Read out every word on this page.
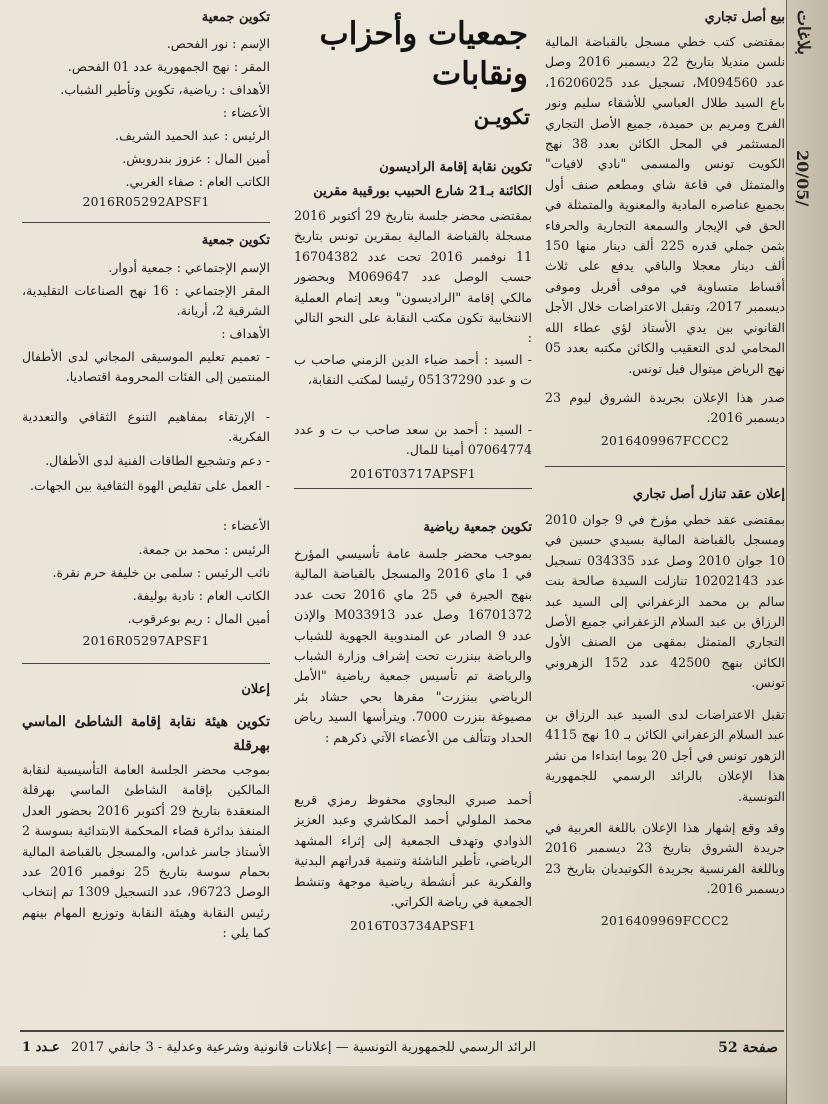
بلاغات
20/05/

بيع أصل تجاري

بمقتضى كتب خطي مسجل بالقباضة المالية نلسن منديلا بتاريخ 22 ديسمبر 2016 وصل عدد M094560، تسجيل عدد 16206025، باع السيد طلال العباسي للأشقاء سليم ونور الفرج ومريم بن حميدة، جميع الأصل التجاري المستثمر في المحل الكائن بعدد 38 نهج الكويت تونس والمسمى "نادي لافيات" والمتمثل في قاعة شاي ومطعم صنف أول بجميع عناصره المادية والمعنوية والمتمثلة في الحق في الإيجار والسمعة التجارية والحرفاء بثمن جملي قدره 225 ألف دينار منها 150 ألف دينار معجلا والباقي يدفع على ثلاث أقساط متساوية في موفى أفريل وموفى ديسمبر 2017، وتقبل الاعتراضات خلال الأجل القانوني بين يدي الأستاذ لؤي عطاء الله المحامي لدى التعقيب والكائن مكتبه بعدد 05 نهج الرياض ميتوال فيل تونس.

صدر هذا الإعلان بجريدة الشروق ليوم 23 ديسمبر 2016.

2016409967FCCC2

إعلان عقد تنازل أصل تجاري

بمقتضى عقد خطي مؤرخ في 9 جوان 2010 ومسجل بالقباضة المالية بسيدي حسين في 10 جوان 2010 وصل عدد 034335 تسجيل عدد 10202143 تنازلت السيدة صالحة بنت سالم بن محمد الزعفراني إلى السيد عبد الرزاق بن عبد السلام الزعفراني جميع الأصل التجاري المتمثل بمقهى من الصنف الأول الكائن بنهج 42500 عدد 152 الزهروني تونس.

تقبل الاعتراضات لدى السيد عبد الرزاق بن عبد السلام الزعفراني الكائن بـ 10 نهج 4115 الزهور تونس في أجل 20 يوما ابتداءا من نشر هذا الإعلان بالرائد الرسمي للجمهورية التونسية.

وقد وقع إشهار هذا الإعلان باللغة العربية في جريدة الشروق بتاريخ 23 ديسمبر 2016 وباللغة الفرنسية بجريدة الكوتيديان بتاريخ 23 ديسمبر 2016.

2016409969FCCC2

تكوين نقابة إقامة الراديسون

الكائنة بـ21 شارع الحبيب بورقيبة مقرين

بمقتضى محضر جلسة بتاريخ 29 أكتوبر 2016 مسجلة بالقباضة المالية بمقرين تونس بتاريخ 11 نوفمبر 2016 تحت عدد 16704382 حسب الوصل عدد M069647 وبحضور مالكي إقامة "الراديسون" وبعد إتمام العملية الانتخابية تكون مكتب النقابة على النحو التالي :

- السيد : أحمد ضياء الدين الزمني صاحب ب ت و عدد 05137290 رئيسا لمكتب النقابة،

- السيد : أحمد بن سعد صاحب ب ت و عدد 07064774 أمينا للمال.

2016T03717APSF1

تكوين جمعية رياضية

بموجب محضر جلسة عامة تأسيسي المؤرخ في 1 ماي 2016 والمسجل بالقباضة المالية بنهج الجيرة في 25 ماي 2016 تحت عدد 16701372 وصل عدد M033913 والإذن عدد 9 الصادر عن المندوبية الجهوية للشباب والرياضة ببنزرت تحت إشراف وزارة الشباب والرياضة تم تأسيس جمعية رياضية "الأمل الرياضي ببنزرت" مقرها بحي حشاد بئر مصيوغة بنزرت 7000. ويترأسها السيد رياض الحداد وتتألف من الأعضاء الآتي ذكرهم :

أحمد صبري البجاوي محفوظ رمزي قريع محمد الملولي أحمد المكاشري وعبد العزيز الذوادي وتهدف الجمعية إلى إثراء المشهد الرياضي، تأطير الناشئة وتنمية قدراتهم البدنية والفكرية عبر أنشطة رياضية موجهة وتنشط الجمعية في رياضة الكراتي.

2016T03734APSF1
جمعيات وأحزاب
ونقابات
تكويـن

تكوين جمعية

الإسم : نور الفحص.

المقر : نهج الجمهورية عدد 01 الفحص.

الأهداف : رياضية، تكوين وتأطير الشباب.

الأعضاء :

الرئيس : عبد الحميد الشريف.

أمين المال : عزوز بندرويش.

الكاتب العام : صفاء الغربي.

2016R05292APSF1

تكوين جمعية

الإسم الإجتماعي : جمعية أدوار.

المقر الإجتماعي : 16 نهج الصناعات التقليدية، الشرقية 2، أريانة.

الأهداف :

- تعميم تعليم الموسيقى المجاني لدى الأطفال المنتمين إلى الفئات المحرومة اقتصاديا.

- الإرتقاء بمفاهيم التنوع الثقافي والتعددية الفكرية.

- دعم وتشجيع الطاقات الفنية لدى الأطفال.

- العمل على تقليص الهوة الثقافية بين الجهات.

الأعضاء :

الرئيس : محمد بن جمعة.

نائب الرئيس : سلمى بن خليفة حرم نقرة.

الكاتب العام : نادية بوليفة.

أمين المال : ريم بوعرقوب.

2016R05297APSF1

إعلان

تكوين هيئة نقابة إقامة الشاطئ الماسي بهرقلة

بموجب محضر الجلسة العامة التأسيسية لنقابة المالكين بإقامة الشاطئ الماسي بهرقلة المنعقدة بتاريخ 29 أكتوبر 2016 بحضور العدل المنفذ بدائرة قضاء المحكمة الابتدائية بسوسة 2 الأستاذ جاسر غداس، والمسجل بالقباضة المالية بحمام سوسة بتاريخ 25 نوفمبر 2016 عدد الوصل 96723، عدد التسجيل 1309 تم إنتخاب رئيس النقابة وهيئة النقابة وتوزيع المهام بينهم كما يلي :

صفحة 52
الرائد الرسمي للجمهورية التونسية — إعلانات قانونية وشرعية وعدلية - 3 جانفي 2017
عـدد 1
